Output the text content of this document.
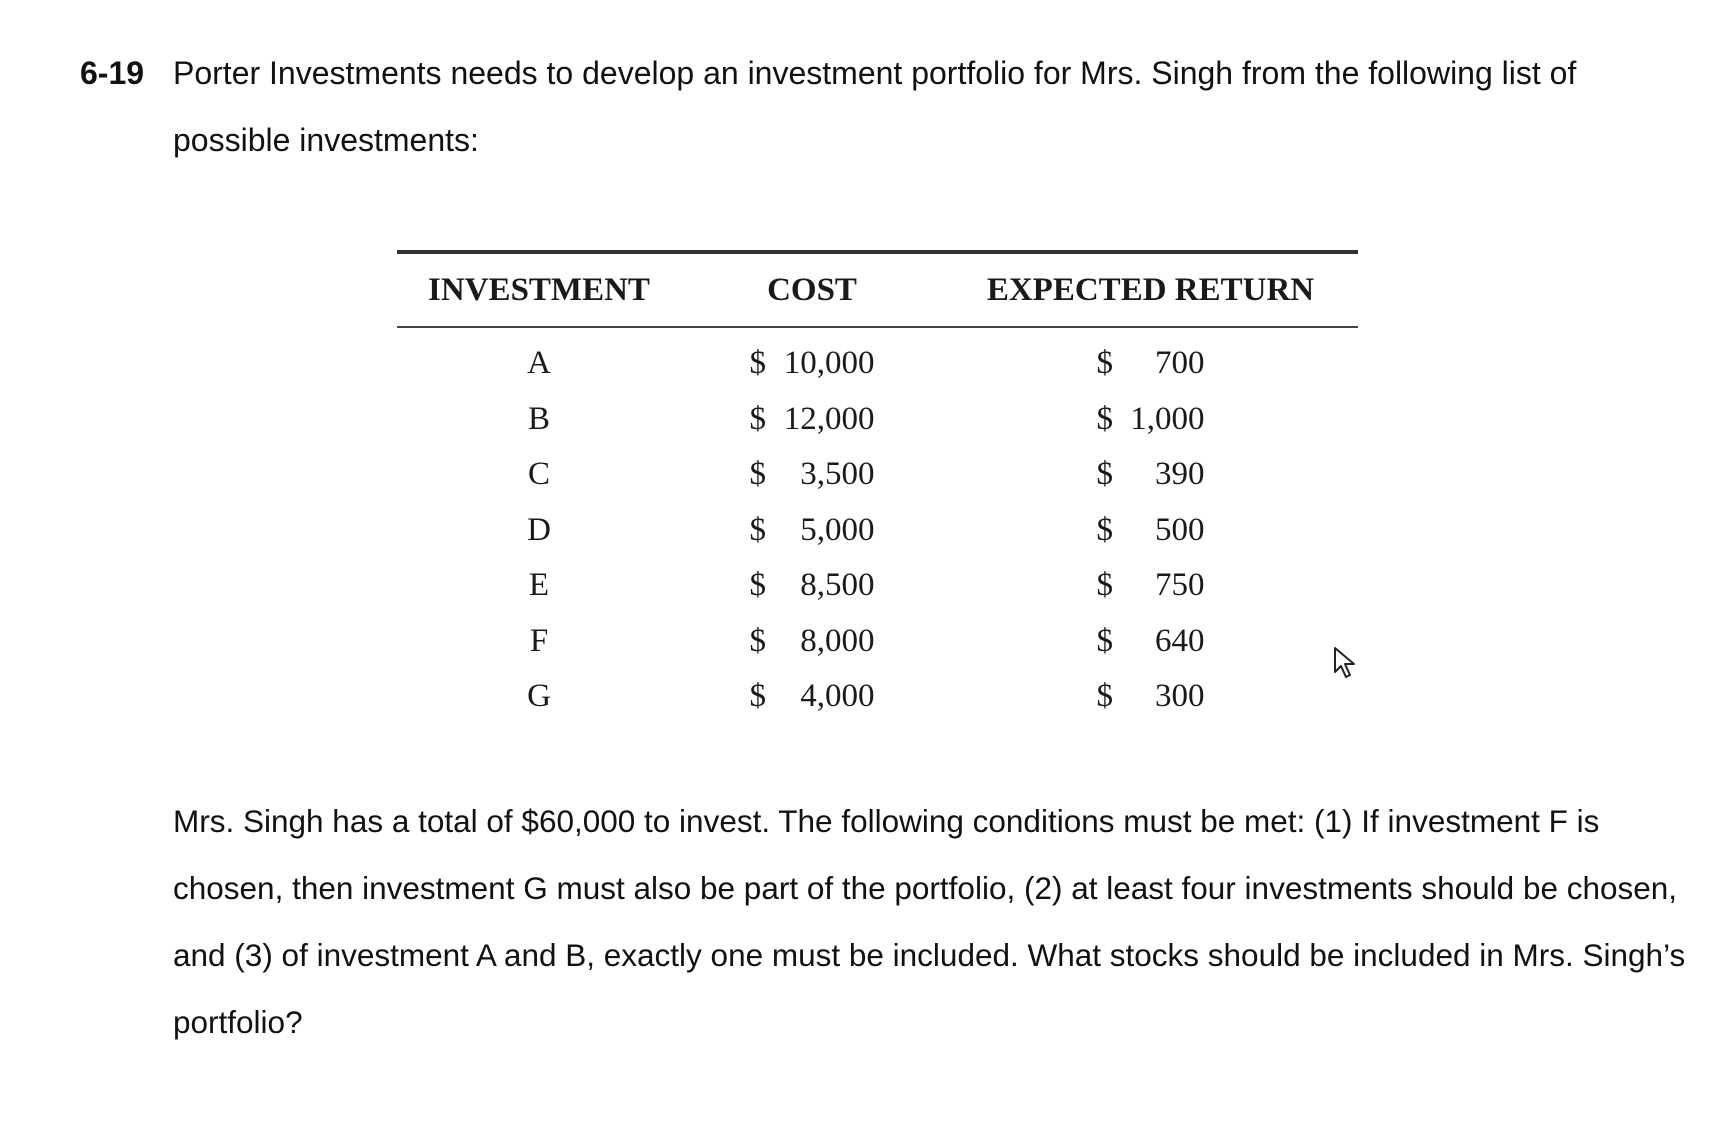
6-19 Porter Investments needs to develop an investment portfolio for Mrs. Singh from the following list of possible investments:
INVESTMENT	COST	EXPECTED RETURN

A	$ 10,000	$ 700

B	$ 12,000	$ 1,000

C	$ 3,500	$ 390

D	$ 5,000	$ 500

E	$ 8,500	$ 750

F	$ 8,000	$ 640

G	$ 4,000	$ 300
Mrs. Singh has a total of $60,000 to invest. The following conditions must be met: (1) If investment F is chosen, then investment G must also be part of the portfolio, (2) at least four investments should be chosen, and (3) of investment A and B, exactly one must be included. What stocks should be included in Mrs. Singh’s portfolio?
